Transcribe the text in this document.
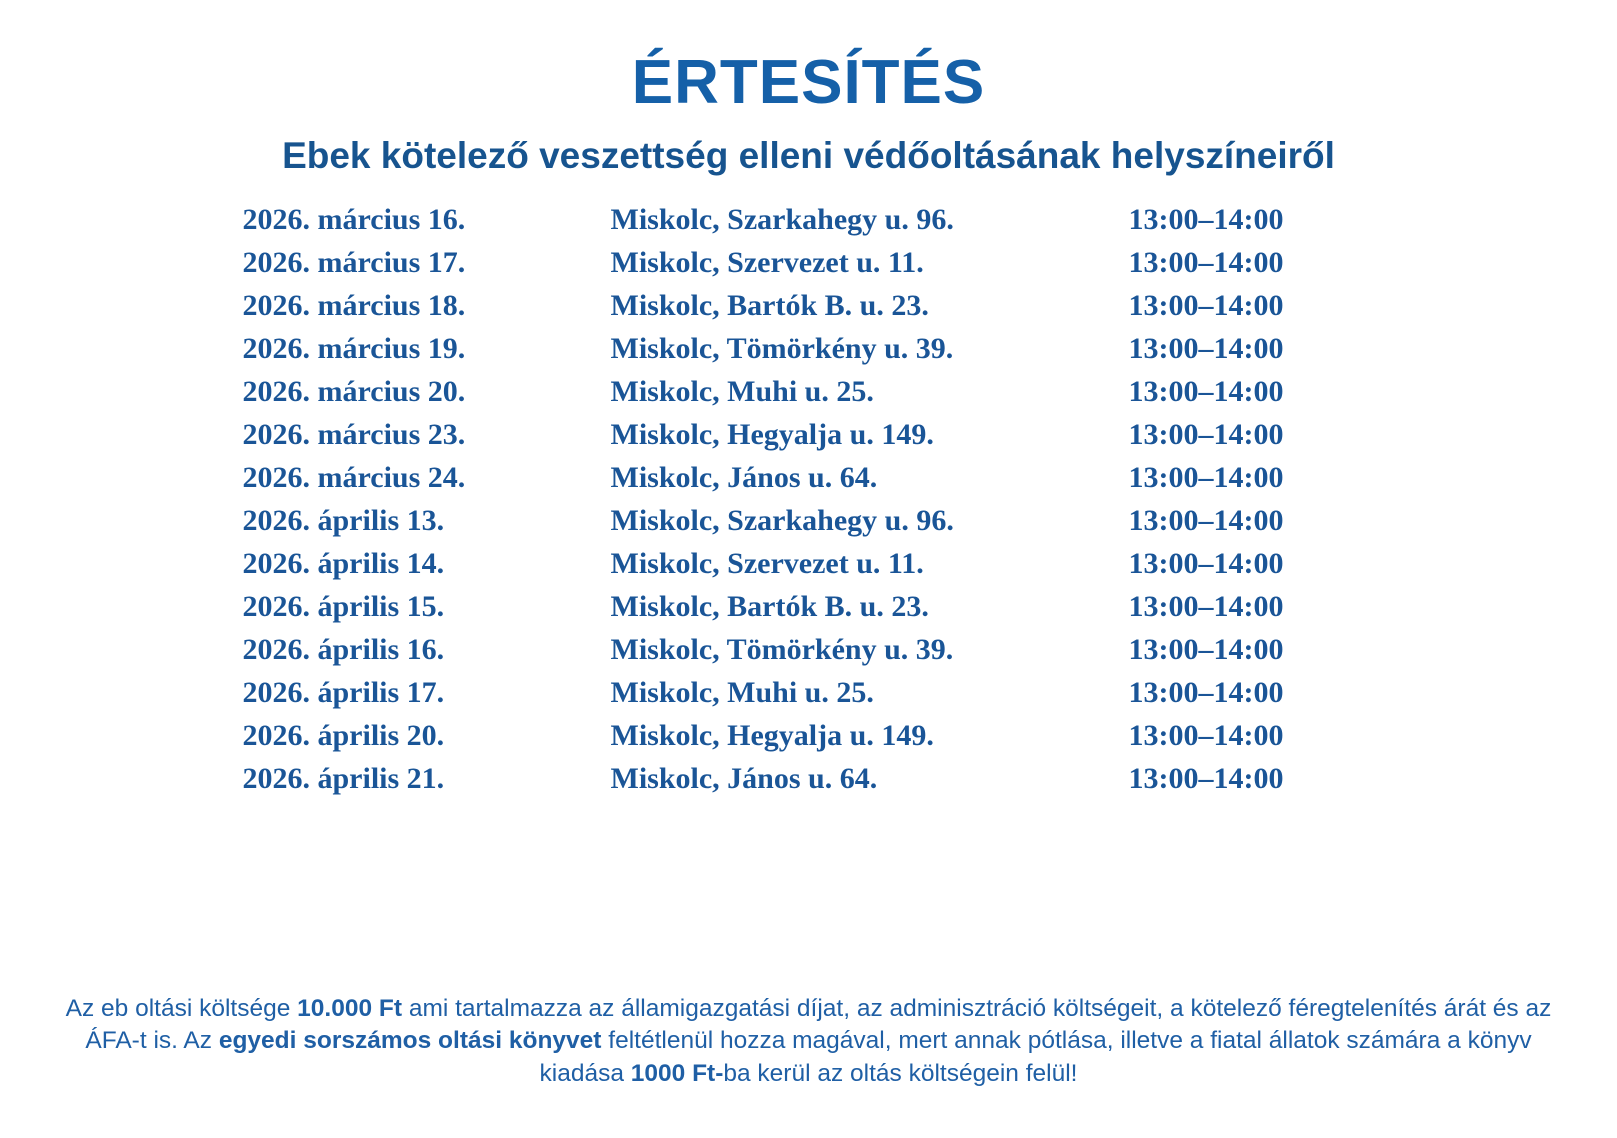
ÉRTESÍTÉS
Ebek kötelező veszettség elleni védőoltásának helyszíneiről
2026. március 16.	Miskolc, Szarkahegy u. 96.	13:00–14:00
2026. március 17.	Miskolc, Szervezet u. 11.	13:00–14:00
2026. március 18.	Miskolc, Bartók B. u. 23.	13:00–14:00
2026. március 19.	Miskolc, Tömörkény u. 39.	13:00–14:00
2026. március 20.	Miskolc, Muhi u. 25.	13:00–14:00
2026. március 23.	Miskolc, Hegyalja u. 149.	13:00–14:00
2026. március 24.	Miskolc, János u. 64.	13:00–14:00
2026. április 13.	Miskolc, Szarkahegy u. 96.	13:00–14:00
2026. április 14.	Miskolc, Szervezet u. 11.	13:00–14:00
2026. április 15.	Miskolc, Bartók B. u. 23.	13:00–14:00
2026. április 16.	Miskolc, Tömörkény u. 39.	13:00–14:00
2026. április 17.	Miskolc, Muhi u. 25.	13:00–14:00
2026. április 20.	Miskolc, Hegyalja u. 149.	13:00–14:00
2026. április 21.	Miskolc, János u. 64.	13:00–14:00
Az eb oltási költsége 10.000 Ft ami tartalmazza az államigazgatási díjat, az adminisztráció költségeit, a kötelező féregtelenítés árát és az ÁFA-t is. Az egyedi sorszámos oltási könyvet feltétlenül hozza magával, mert annak pótlása, illetve a fiatal állatok számára a könyv kiadása 1000 Ft-ba kerül az oltás költségein felül!
